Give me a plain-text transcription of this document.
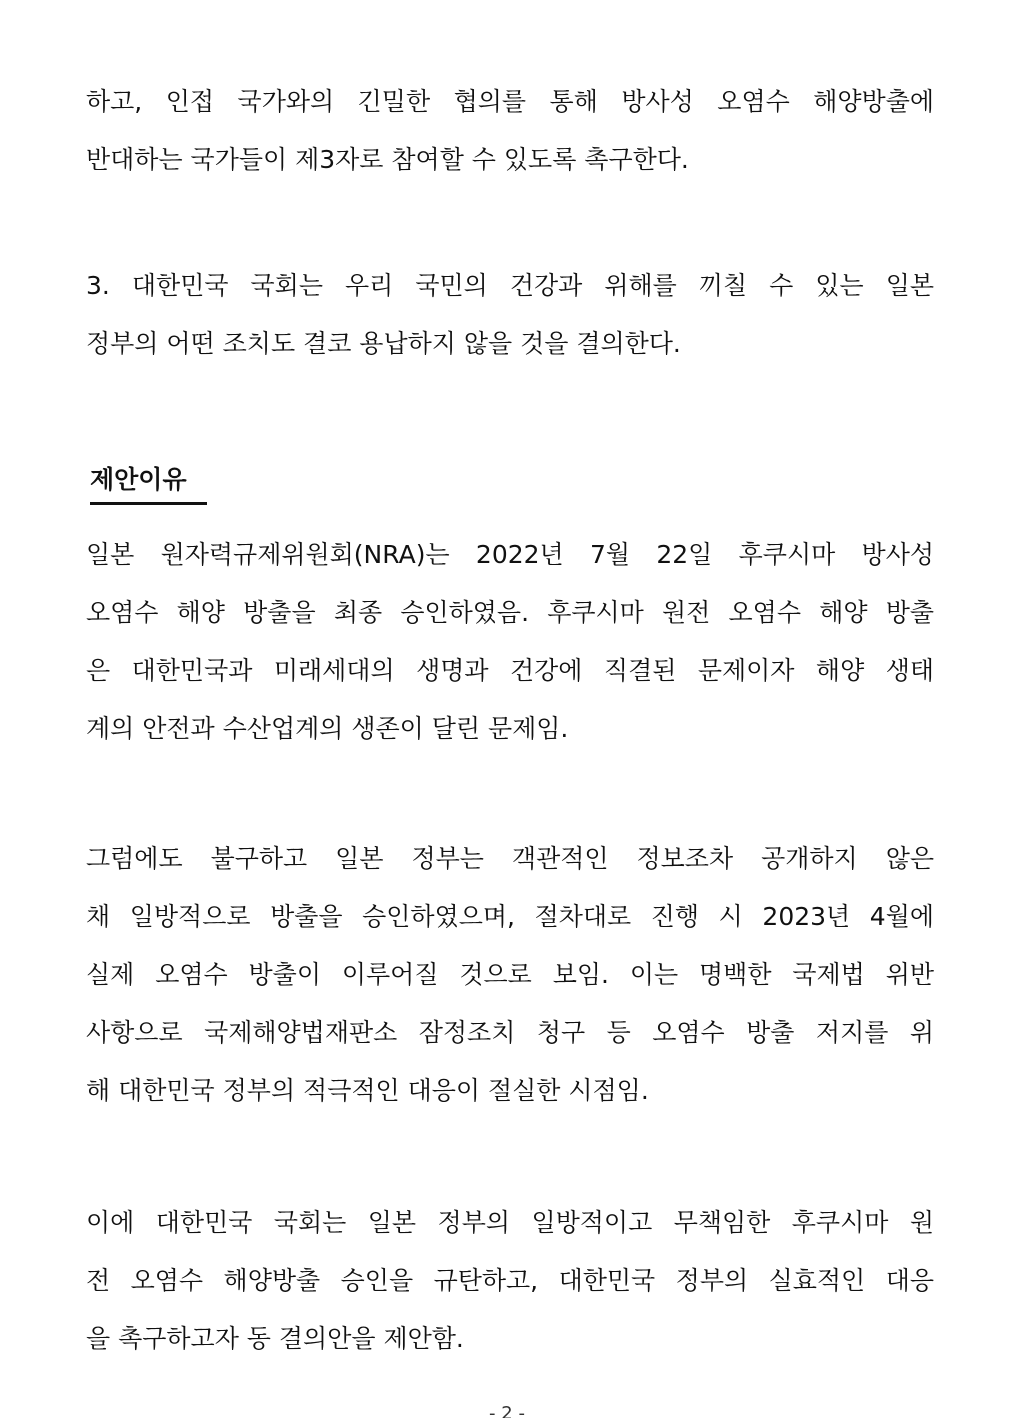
하고, 인접 국가와의 긴밀한 협의를 통해 방사성 오염수 해양방출에
반대하는 국가들이 제3자로 참여할 수 있도록 촉구한다.
3. 대한민국 국회는 우리 국민의 건강과 위해를 끼칠 수 있는 일본
정부의 어떤 조치도 결코 용납하지 않을 것을 결의한다.
제안이유
일본 원자력규제위원회(NRA)는 2022년 7월 22일 후쿠시마 방사성
오염수 해양 방출을 최종 승인하였음. 후쿠시마 원전 오염수 해양 방출
은 대한민국과 미래세대의 생명과 건강에 직결된 문제이자 해양 생태
계의 안전과 수산업계의 생존이 달린 문제임.
그럼에도 불구하고 일본 정부는 객관적인 정보조차 공개하지 않은
채 일방적으로 방출을 승인하였으며, 절차대로 진행 시 2023년 4월에
실제 오염수 방출이 이루어질 것으로 보임. 이는 명백한 국제법 위반
사항으로 국제해양법재판소 잠정조치 청구 등 오염수 방출 저지를 위
해 대한민국 정부의 적극적인 대응이 절실한 시점임.
이에 대한민국 국회는 일본 정부의 일방적이고 무책임한 후쿠시마 원
전 오염수 해양방출 승인을 규탄하고, 대한민국 정부의 실효적인 대응
을 촉구하고자 동 결의안을 제안함.
- 2 -
